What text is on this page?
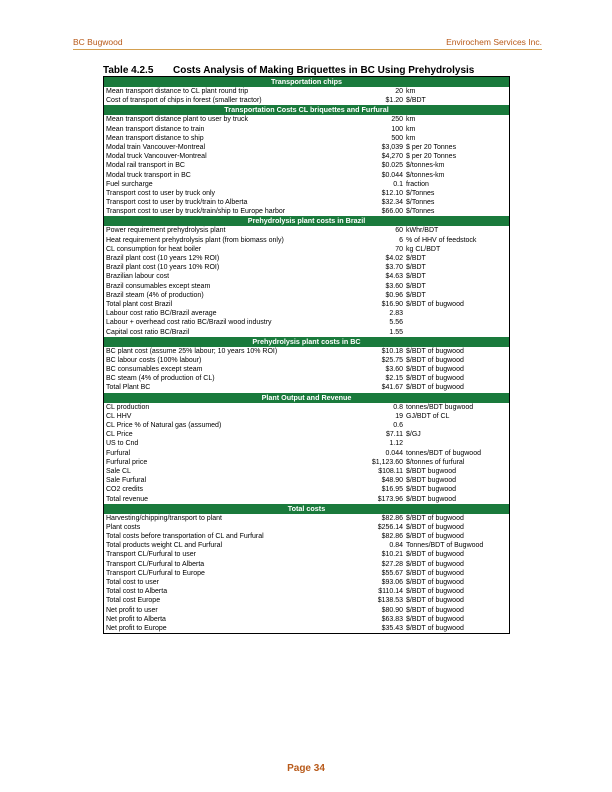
BC Bugwood	Envirochem Services Inc.
Table 4.2.5 Costs Analysis of Making Briquettes in BC Using Prehydrolysis
Transportation chips
Mean transport distance to CL plant round trip	20 km
Cost of transport of chips in forest (smaller tractor)	$1.20 $/BDT
Transportation Costs CL briquettes and Furfural
Mean transport distance plant to user by truck	250 km
Mean transport distance to train	100 km
Mean transport distance to ship	500 km
Modal train Vancouver-Montreal	$3,039 $ per 20 Tonnes
Modal truck Vancouver-Montreal	$4,270 $ per 20 Tonnes
Modal rail transport in BC	$0.025 $/tonnes-km
Modal truck transport in BC	$0.044 $/tonnes-km
Fuel surcharge	0.1 fraction
Transport cost to user by truck only	$12.10 $/Tonnes
Transport cost to user by truck/train to Alberta	$32.34 $/Tonnes
Transport cost to user by truck/train/ship to Europe harbor	$66.00 $/Tonnes
Prehydrolysis plant costs in Brazil
Power requirement prehydrolysis plant	60 kWhr/BDT
Heat requirement prehydrolysis plant (from biomass only)	6 % of HHV of feedstock
CL consumption for heat boiler	70 kg CL/BDT
Brazil plant cost (10 years 12% ROI)	$4.02 $/BDT
Brazil plant cost (10 years 10% ROI)	$3.70 $/BDT
Brazilian labour cost	$4.63 $/BDT
Brazil consumables except steam	$3.60 $/BDT
Brazil steam (4% of production)	$0.96 $/BDT
Total plant cost Brazil	$16.90 $/BDT of bugwood
Labour cost ratio BC/Brazil average	2.83
Labour + overhead cost ratio BC/Brazil wood industry	5.56
Capital cost ratio BC/Brazil	1.55
Prehydrolysis plant costs in BC
BC plant cost (assume 25% labour; 10 years 10% ROI)	$10.18 $/BDT of bugwood
BC labour costs (100% labour)	$25.75 $/BDT of bugwood
BC consumables except steam	$3.60 $/BDT of bugwood
BC steam (4% of production of CL)	$2.15 $/BDT of bugwood
Total Plant BC	$41.67 $/BDT of bugwood
Plant Output and Revenue
CL production	0.8 tonnes/BDT bugwood
CL HHV	19 GJ/BDT of CL
CL Price % of Natural gas (assumed)	0.6
CL Price	$7.11 $/GJ
US to Cnd	1.12
Furfural	0.044 tonnes/BDT of bugwood
Furfural price	$1,123.60 $/tonnes of furfural
Sale CL	$108.11 $/BDT bugwood
Sale Furfural	$48.90 $/BDT bugwood
CO2 credits	$16.95 $/BDT bugwood
Total revenue	$173.96 $/BDT bugwood
Total costs
Harvesting/chipping/transport to plant	$82.86 $/BDT of bugwood
Plant costs	$256.14 $/BDT of bugwood
Total costs before transportation of CL and Furfural	$82.86 $/BDT of bugwood
Total products weight CL and Furfural	0.84 Tonnes/BDT of Bugwood
Transport CL/Furfural to user	$10.21 $/BDT of bugwood
Transport CL/Furfural to Alberta	$27.28 $/BDT of bugwood
Transport CL/Furfural to Europe	$55.67 $/BDT of bugwood
Total cost to user	$93.06 $/BDT of bugwood
Total cost to Alberta	$110.14 $/BDT of bugwood
Total cost Europe	$138.53 $/BDT of bugwood
Net profit to user	$80.90 $/BDT of bugwood
Net profit to Alberta	$63.83 $/BDT of bugwood
Net profit to Europe	$35.43 $/BDT of bugwood
Page 34
